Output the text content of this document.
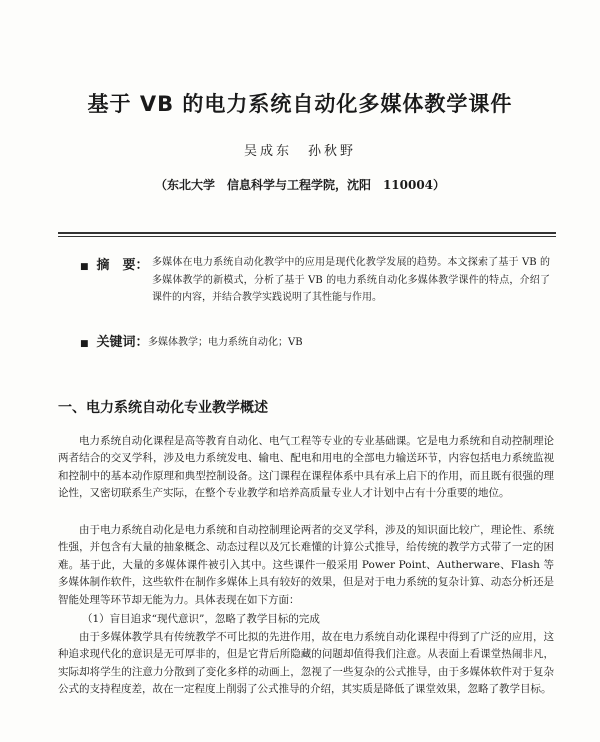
基于 VB 的电力系统自动化多媒体教学课件
吴成东　孙秋野
（东北大学　信息科学与工程学院，沈阳　110004）
■ 摘　要： 多媒体在电力系统自动化教学中的应用是现代化教学发展的趋势。本文探索了基于 VB 的多媒体教学的新模式，分析了基于 VB 的电力系统自动化多媒体教学课件的特点，介绍了课件的内容，并结合教学实践说明了其性能与作用。
■ 关键词： 多媒体教学；电力系统自动化；VB
一、电力系统自动化专业教学概述
电力系统自动化课程是高等教育自动化、电气工程等专业的专业基础课。它是电力系统和自动控制理论两者结合的交叉学科，涉及电力系统发电、输电、配电和用电的全部电力输送环节，内容包括电力系统监视和控制中的基本动作原理和典型控制设备。这门课程在课程体系中具有承上启下的作用，而且既有很强的理论性，又密切联系生产实际，在整个专业教学和培养高质量专业人才计划中占有十分重要的地位。
由于电力系统自动化是电力系统和自动控制理论两者的交叉学科，涉及的知识面比较广，理论性、系统性强，并包含有大量的抽象概念、动态过程以及冗长难懂的计算公式推导，给传统的教学方式带了一定的困难。基于此，大量的多媒体课件被引入其中。这些课件一般采用 Power Point、Autherware、Flash 等多媒体制作软件，这些软件在制作多媒体上具有较好的效果，但是对于电力系统的复杂计算、动态分析还是智能处理等环节却无能为力。具体表现在如下方面：
（1）盲目追求“现代意识”，忽略了教学目标的完成
由于多媒体教学具有传统教学不可比拟的先进作用，故在电力系统自动化课程中得到了广泛的应用，这种追求现代化的意识是无可厚非的，但是它背后所隐藏的问题却值得我们注意。从表面上看课堂热闹非凡，实际却将学生的注意力分散到了变化多样的动画上，忽视了一些复杂的公式推导，由于多媒体软件对于复杂公式的支持程度差，故在一定程度上削弱了公式推导的介绍，其实质是降低了课堂效果，忽略了教学目标。
